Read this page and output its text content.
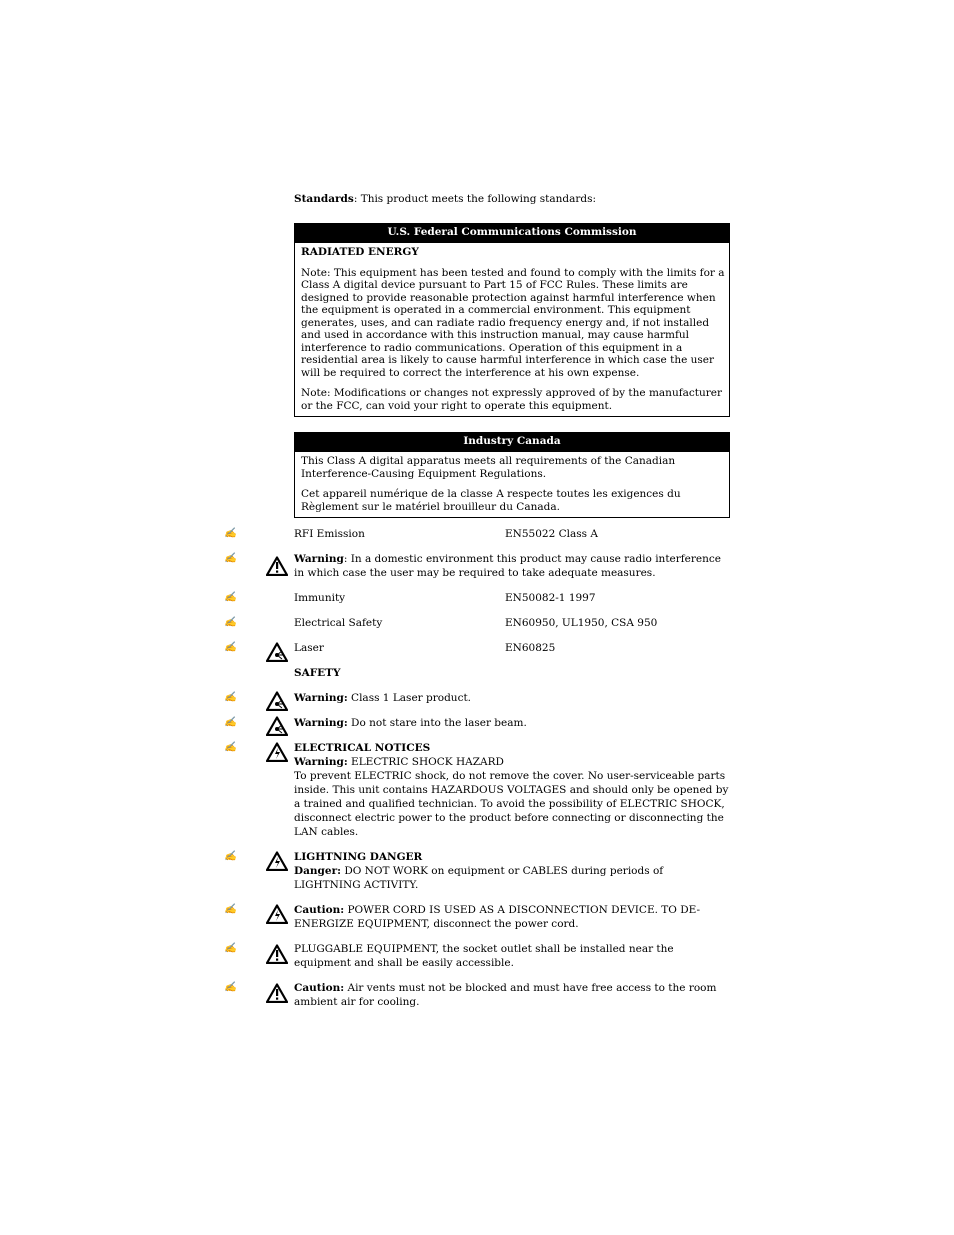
Standards: This product meets the following standards:
U.S. Federal Communications Commission

RADIATED ENERGY

Note: This equipment has been tested and found to comply with the limits for a Class A digital device pursuant to Part 15 of FCC Rules. These limits are designed to provide reasonable protection against harmful interference when the equipment is operated in a commercial environment. This equipment generates, uses, and can radiate radio frequency energy and, if not installed and used in accordance with this instruction manual, may cause harmful interference to radio communications. Operation of this equipment in a residential area is likely to cause harmful interference in which case the user will be required to correct the interference at his own expense.

Note: Modifications or changes not expressly approved of by the manufacturer or the FCC, can void your right to operate this equipment.

Industry Canada

This Class A digital apparatus meets all requirements of the Canadian Interference-Causing Equipment Regulations.

Cet appareil numérique de la classe A respecte toutes les exigences du Règlement sur le matériel brouilleur du Canada.

✍	RFI Emission	EN55022 Class A
✍	Warning: In a domestic environment this product may cause radio interference in which case the user may be required to take adequate measures.
✍	Immunity	EN50082-1 1997
✍	Electrical Safety	EN60950, UL1950, CSA 950
✍	Laser	EN60825
SAFETY
✍	Warning: Class 1 Laser product.
✍	Warning: Do not stare into the laser beam.
✍	ELECTRICAL NOTICES
Warning: ELECTRIC SHOCK HAZARD
To prevent ELECTRIC shock, do not remove the cover. No user-serviceable parts inside. This unit contains HAZARDOUS VOLTAGES and should only be opened by a trained and qualified technician. To avoid the possibility of ELECTRIC SHOCK, disconnect electric power to the product before connecting or disconnecting the LAN cables.
✍	LIGHTNING DANGER
Danger: DO NOT WORK on equipment or CABLES during periods of LIGHTNING ACTIVITY.
✍	Caution: POWER CORD IS USED AS A DISCONNECTION DEVICE. TO DE-ENERGIZE EQUIPMENT, disconnect the power cord.
✍	PLUGGABLE EQUIPMENT, the socket outlet shall be installed near the equipment and shall be easily accessible.
✍	Caution: Air vents must not be blocked and must have free access to the room ambient air for cooling.
